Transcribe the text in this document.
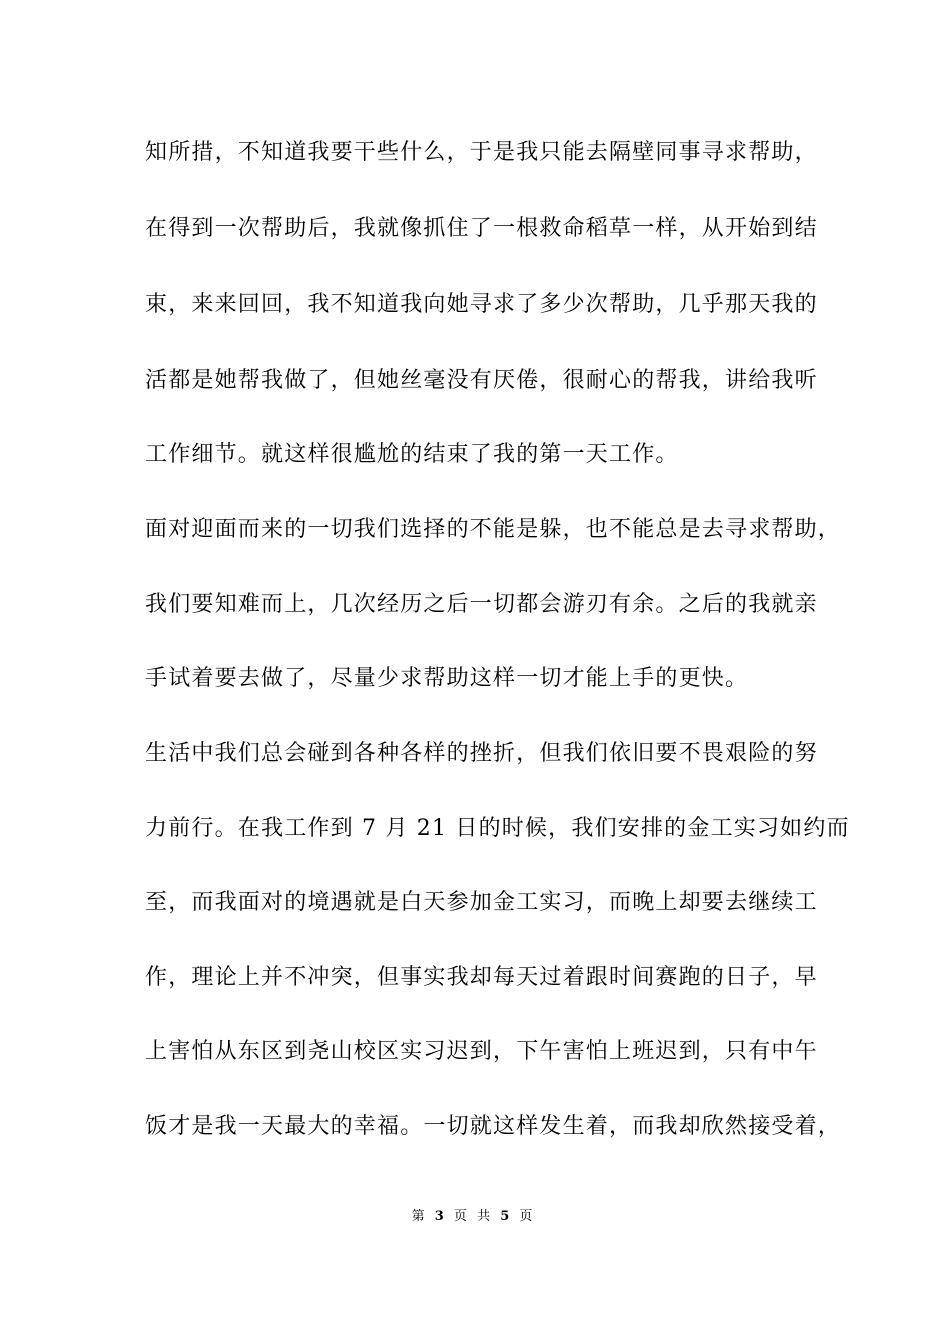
知所措，不知道我要干些什么，于是我只能去隔壁同事寻求帮助，
在得到一次帮助后，我就像抓住了一根救命稻草一样，从开始到结
束，来来回回，我不知道我向她寻求了多少次帮助，几乎那天我的
活都是她帮我做了，但她丝毫没有厌倦，很耐心的帮我，讲给我听
工作细节。就这样很尴尬的结束了我的第一天工作。
面对迎面而来的一切我们选择的不能是躲，也不能总是去寻求帮助，
我们要知难而上，几次经历之后一切都会游刃有余。之后的我就亲
手试着要去做了，尽量少求帮助这样一切才能上手的更快。
生活中我们总会碰到各种各样的挫折，但我们依旧要不畏艰险的努
力前行。在我工作到 7 月 21 日的时候，我们安排的金工实习如约而
至，而我面对的境遇就是白天参加金工实习，而晚上却要去继续工
作，理论上并不冲突，但事实我却每天过着跟时间赛跑的日子，早
上害怕从东区到尧山校区实习迟到，下午害怕上班迟到，只有中午
饭才是我一天最大的幸福。一切就这样发生着，而我却欣然接受着，
第 3 页 共 5 页
